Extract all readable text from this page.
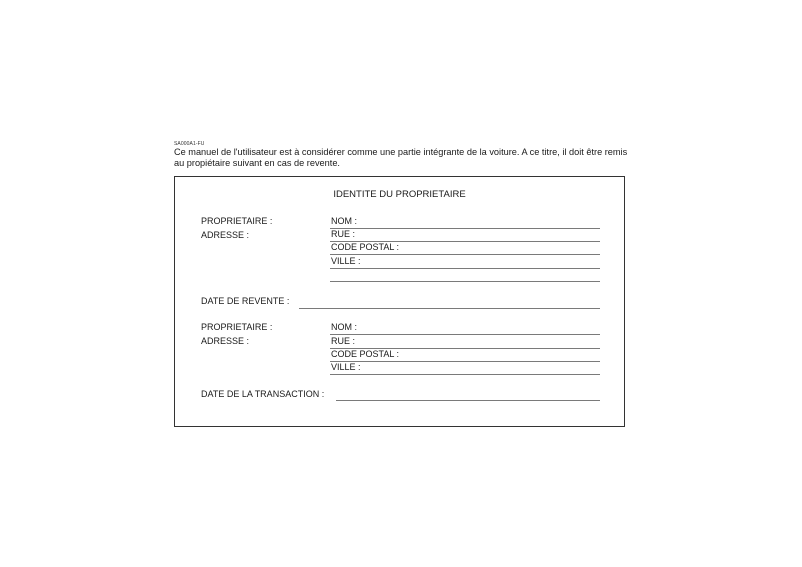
SA000A1-FU
Ce manuel de l'utilisateur est à considérer comme une partie intégrante de la voiture. A ce titre, il doit être remis
au propiétaire suivant en cas de revente.
IDENTITE DU PROPRIETAIRE
PROPRIETAIRE :
ADRESSE :
NOM :
RUE :
CODE POSTAL :
VILLE :
DATE DE REVENTE :
PROPRIETAIRE :
ADRESSE :
NOM :
RUE :
CODE POSTAL :
VILLE :
DATE DE LA TRANSACTION :
